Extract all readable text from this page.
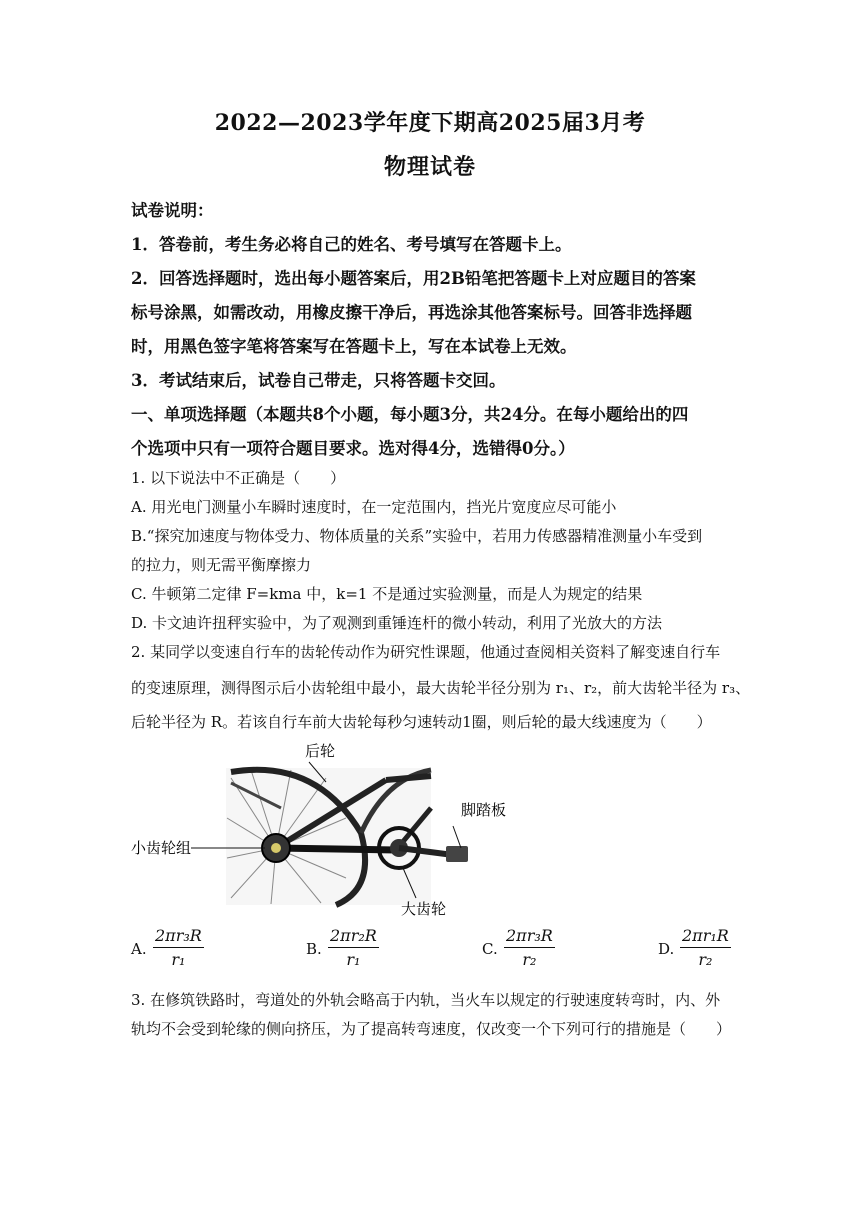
2022—2023学年度下期高2025届3月考
物理试卷
试卷说明：
1．答卷前，考生务必将自己的姓名、考号填写在答题卡上。
2．回答选择题时，选出每小题答案后，用2B铅笔把答题卡上对应题目的答案
标号涂黑，如需改动，用橡皮擦干净后，再选涂其他答案标号。回答非选择题
时，用黑色签字笔将答案写在答题卡上，写在本试卷上无效。
3．考试结束后，试卷自己带走，只将答题卡交回。
一、单项选择题（本题共8个小题，每小题3分，共24分。在每小题给出的四
个选项中只有一项符合题目要求。选对得4分，选错得0分。）
1. 以下说法中不正确是（　　）
A. 用光电门测量小车瞬时速度时，在一定范围内，挡光片宽度应尽可能小
B.“探究加速度与物体受力、物体质量的关系”实验中，若用力传感器精准测量小车受到
的拉力，则无需平衡摩擦力
C. 牛顿第二定律 F=kma 中，k=1 不是通过实验测量，而是人为规定的结果
D. 卡文迪许扭秤实验中，为了观测到重锤连杆的微小转动，利用了光放大的方法
2. 某同学以变速自行车的齿轮传动作为研究性课题，他通过查阅相关资料了解变速自行车
的变速原理，测得图示后小齿轮组中最小，最大齿轮半径分别为 r₁、r₂，前大齿轮半径为 r₃、
后轮半径为 R。若该自行车前大齿轮每秒匀速转动1圈，则后轮的最大线速度为（　　）
后轮
脚踏板
小齿轮组
大齿轮
A. $\frac{\text{2πr₃R}}{\text{r₁}}$	B. $\frac{\text{2πr₂R}}{\text{r₁}}$	C. $\frac{\text{2πr₃R}}{\text{r₂}}$	D. $\frac{\text{2πr₁R}}{\text{r₂}}$
3. 在修筑铁路时，弯道处的外轨会略高于内轨，当火车以规定的行驶速度转弯时，内、外
轨均不会受到轮缘的侧向挤压，为了提高转弯速度，仅改变一个下列可行的措施是（　　）
